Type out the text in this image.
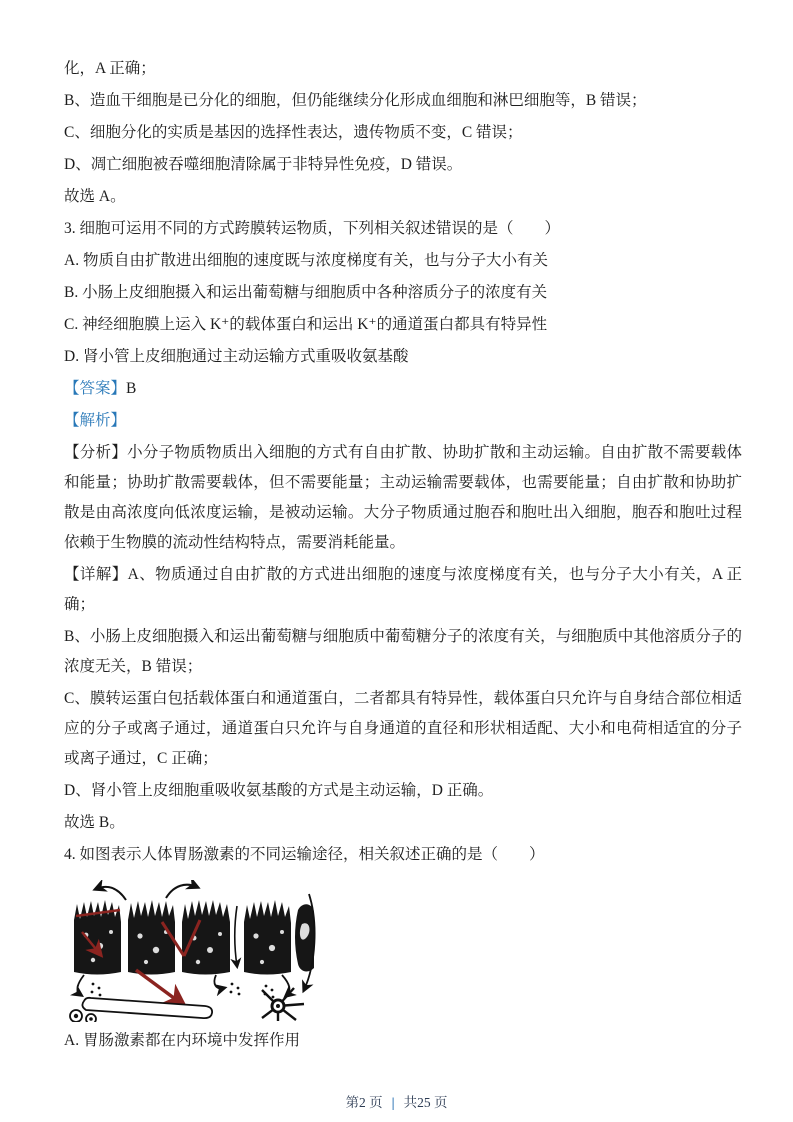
化，A 正确；

B、造血干细胞是已分化的细胞，但仍能继续分化形成血细胞和淋巴细胞等，B 错误；

C、细胞分化的实质是基因的选择性表达，遗传物质不变，C 错误；

D、凋亡细胞被吞噬细胞清除属于非特异性免疫，D 错误。

故选 A。

3. 细胞可运用不同的方式跨膜转运物质，下列相关叙述错误的是（　　）

A. 物质自由扩散进出细胞的速度既与浓度梯度有关，也与分子大小有关

B. 小肠上皮细胞摄入和运出葡萄糖与细胞质中各种溶质分子的浓度有关

C. 神经细胞膜上运入 K⁺的载体蛋白和运出 K⁺的通道蛋白都具有特异性

D. 肾小管上皮细胞通过主动运输方式重吸收氨基酸

【答案】B

【解析】

【分析】小分子物质物质出入细胞的方式有自由扩散、协助扩散和主动运输。自由扩散不需要载体和能量；协助扩散需要载体，但不需要能量；主动运输需要载体，也需要能量；自由扩散和协助扩散是由高浓度向低浓度运输，是被动运输。大分子物质通过胞吞和胞吐出入细胞，胞吞和胞吐过程依赖于生物膜的流动性结构特点，需要消耗能量。

【详解】A、物质通过自由扩散的方式进出细胞的速度与浓度梯度有关，也与分子大小有关，A 正确；

B、小肠上皮细胞摄入和运出葡萄糖与细胞质中葡萄糖分子的浓度有关，与细胞质中其他溶质分子的浓度无关，B 错误；

C、膜转运蛋白包括载体蛋白和通道蛋白，二者都具有特异性，载体蛋白只允许与自身结合部位相适应的分子或离子通过，通道蛋白只允许与自身通道的直径和形状相适配、大小和电荷相适宜的分子或离子通过，C 正确；

D、肾小管上皮细胞重吸收氨基酸的方式是主动运输，D 正确。

故选 B。

4. 如图表示人体胃肠激素的不同运输途径，相关叙述正确的是（　　）

A. 胃肠激素都在内环境中发挥作用

第2 页 | 共25 页
